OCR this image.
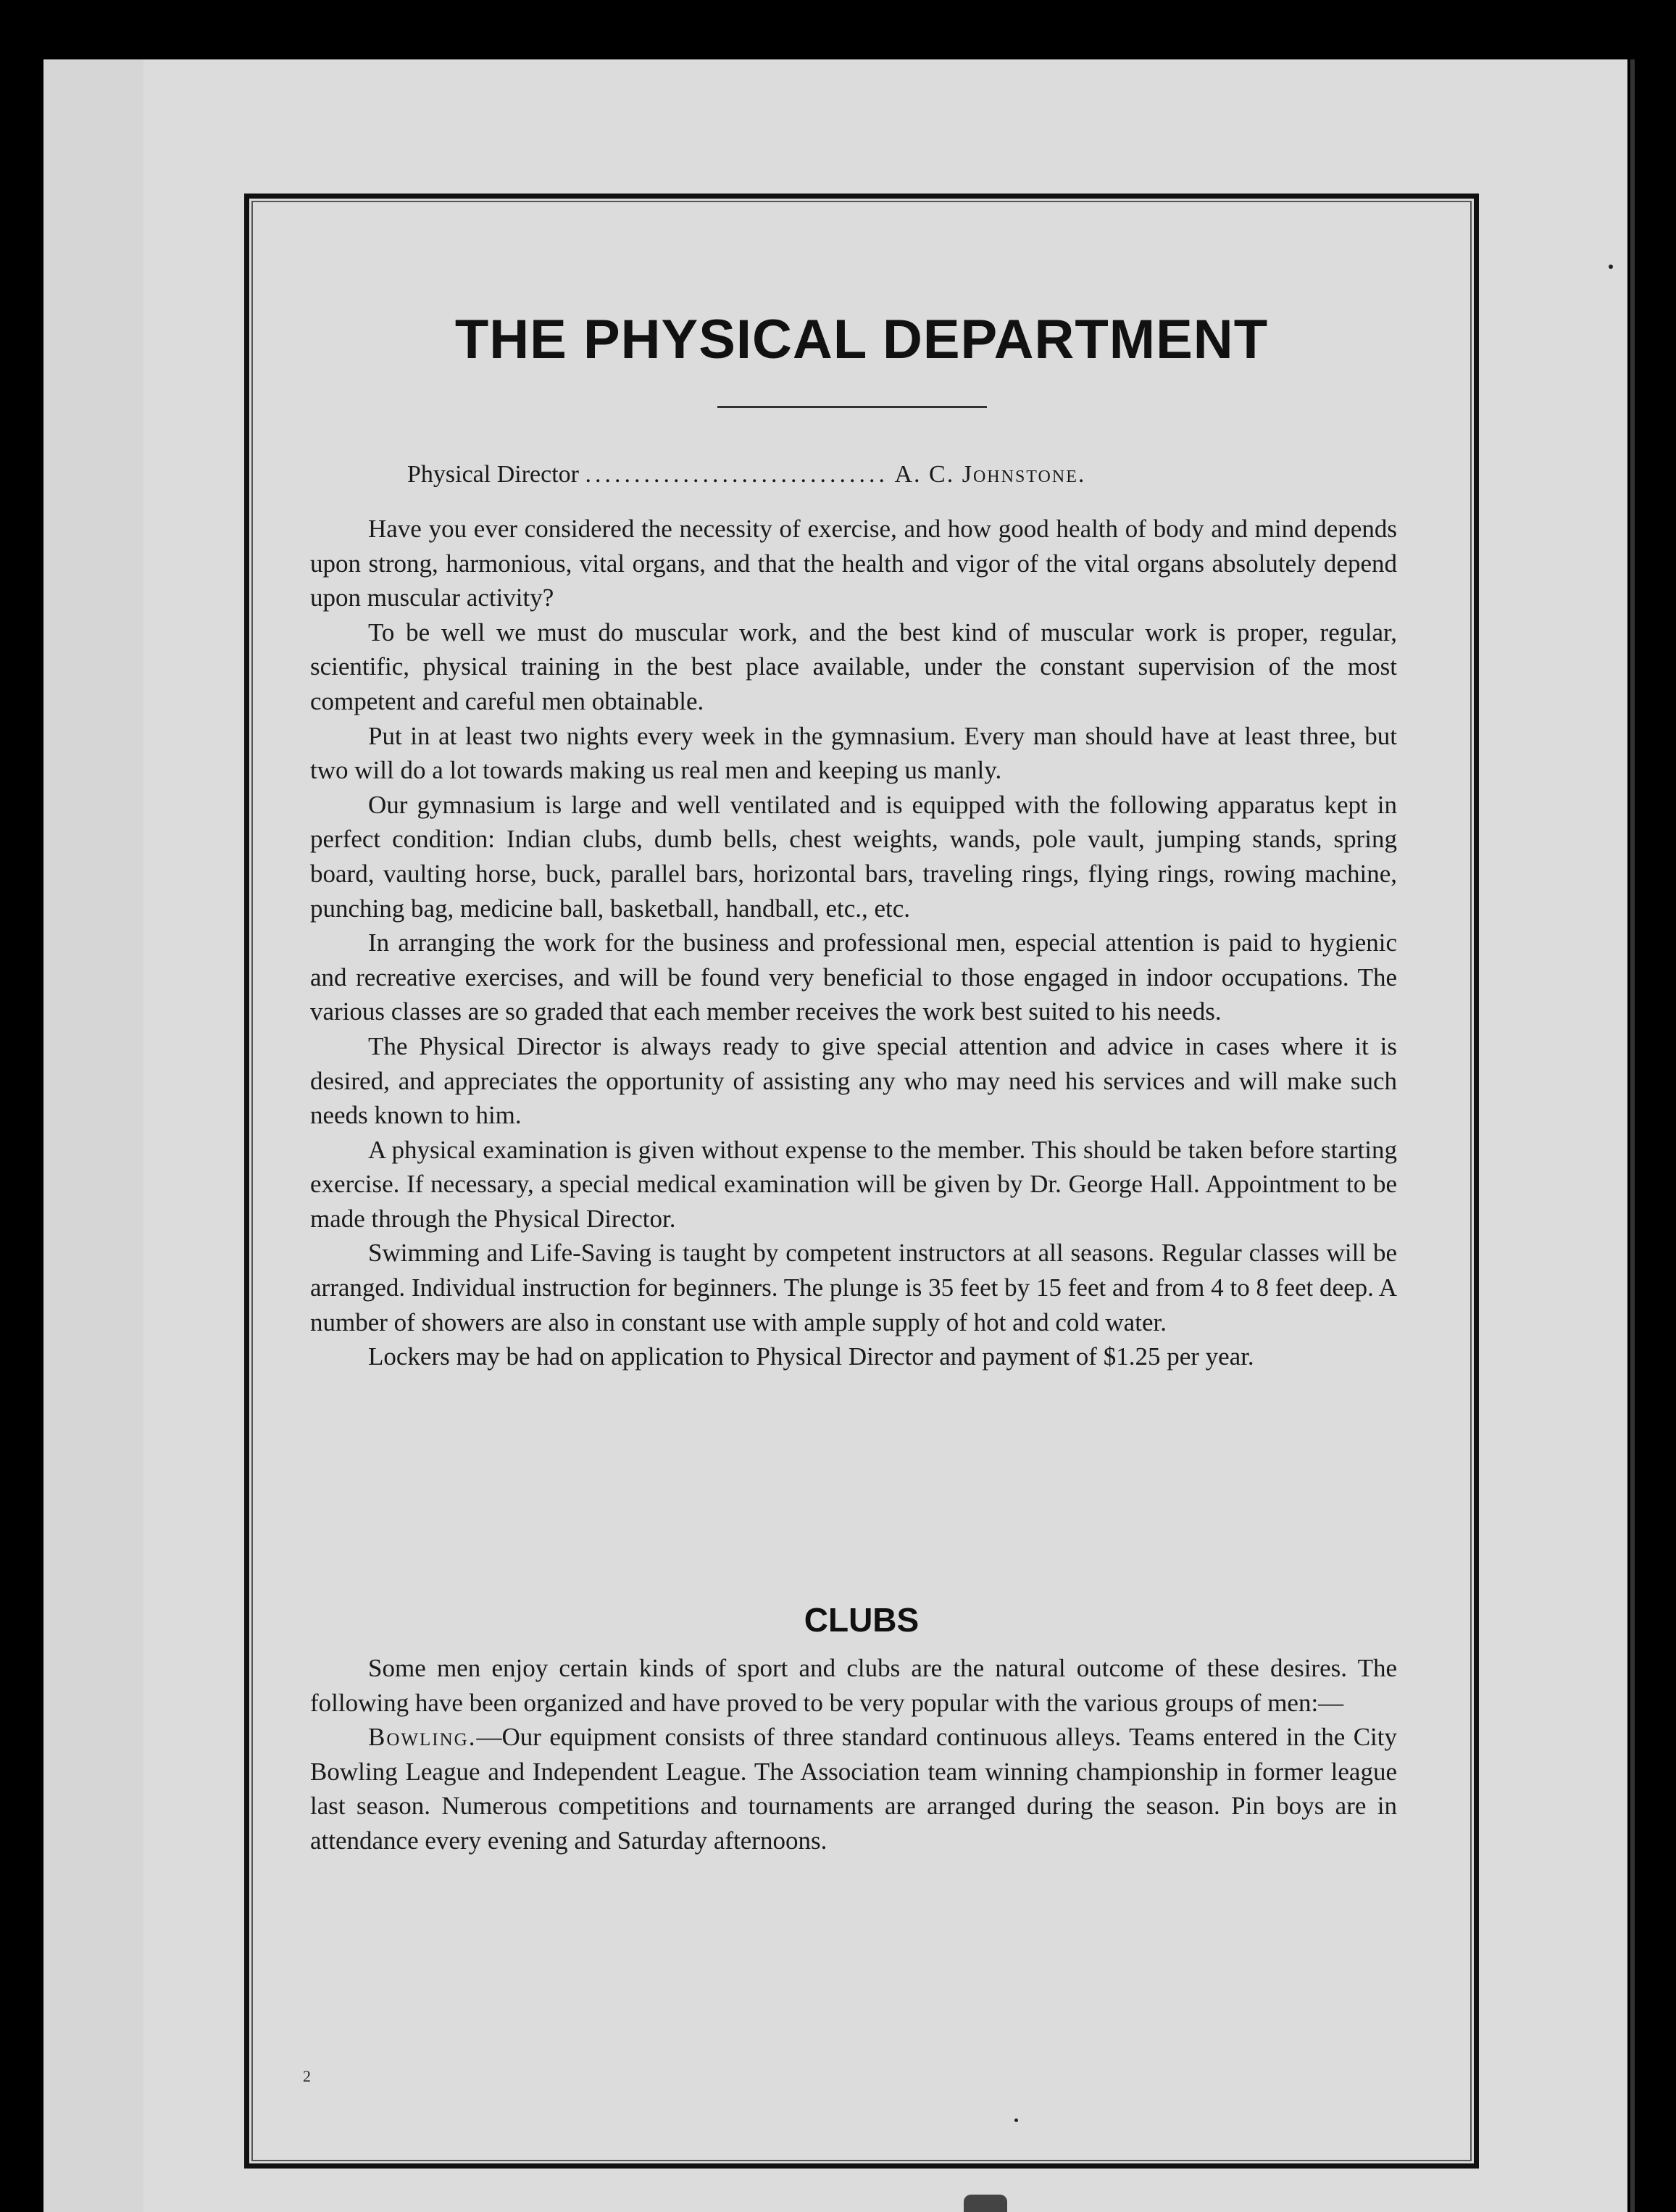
THE PHYSICAL DEPARTMENT
Physical Director ............................... A. C. Johnstone.

Have you ever considered the necessity of exercise, and how good health of body and mind depends upon strong, harmonious, vital organs, and that the health and vigor of the vital organs absolutely depend upon muscular activity?

To be well we must do muscular work, and the best kind of muscular work is proper, regular, scientific, physical training in the best place available, under the constant supervision of the most competent and careful men obtainable.

Put in at least two nights every week in the gymnasium. Every man should have at least three, but two will do a lot towards making us real men and keeping us manly.

Our gymnasium is large and well ventilated and is equipped with the following apparatus kept in perfect condition: Indian clubs, dumb bells, chest weights, wands, pole vault, jumping stands, spring board, vaulting horse, buck, parallel bars, horizontal bars, traveling rings, flying rings, rowing machine, punching bag, medicine ball, basketball, handball, etc., etc.

In arranging the work for the business and professional men, especial attention is paid to hygienic and recreative exercises, and will be found very beneficial to those engaged in indoor occupations. The various classes are so graded that each member receives the work best suited to his needs.

The Physical Director is always ready to give special attention and advice in cases where it is desired, and appreciates the opportunity of assisting any who may need his services and will make such needs known to him.

A physical examination is given without expense to the member. This should be taken before starting exercise. If necessary, a special medical examination will be given by Dr. George Hall. Appointment to be made through the Physical Director.

Swimming and Life-Saving is taught by competent instructors at all seasons. Regular classes will be arranged. Individual instruction for beginners. The plunge is 35 feet by 15 feet and from 4 to 8 feet deep. A number of showers are also in constant use with ample supply of hot and cold water.

Lockers may be had on application to Physical Director and payment of $1.25 per year.

CLUBS

Some men enjoy certain kinds of sport and clubs are the natural outcome of these desires. The following have been organized and have proved to be very popular with the various groups of men:—

Bowling.—Our equipment consists of three standard continuous alleys. Teams entered in the City Bowling League and Independent League. The Association team winning championship in former league last season. Numerous competitions and tournaments are arranged during the season. Pin boys are in attendance every evening and Saturday afternoons.

2
